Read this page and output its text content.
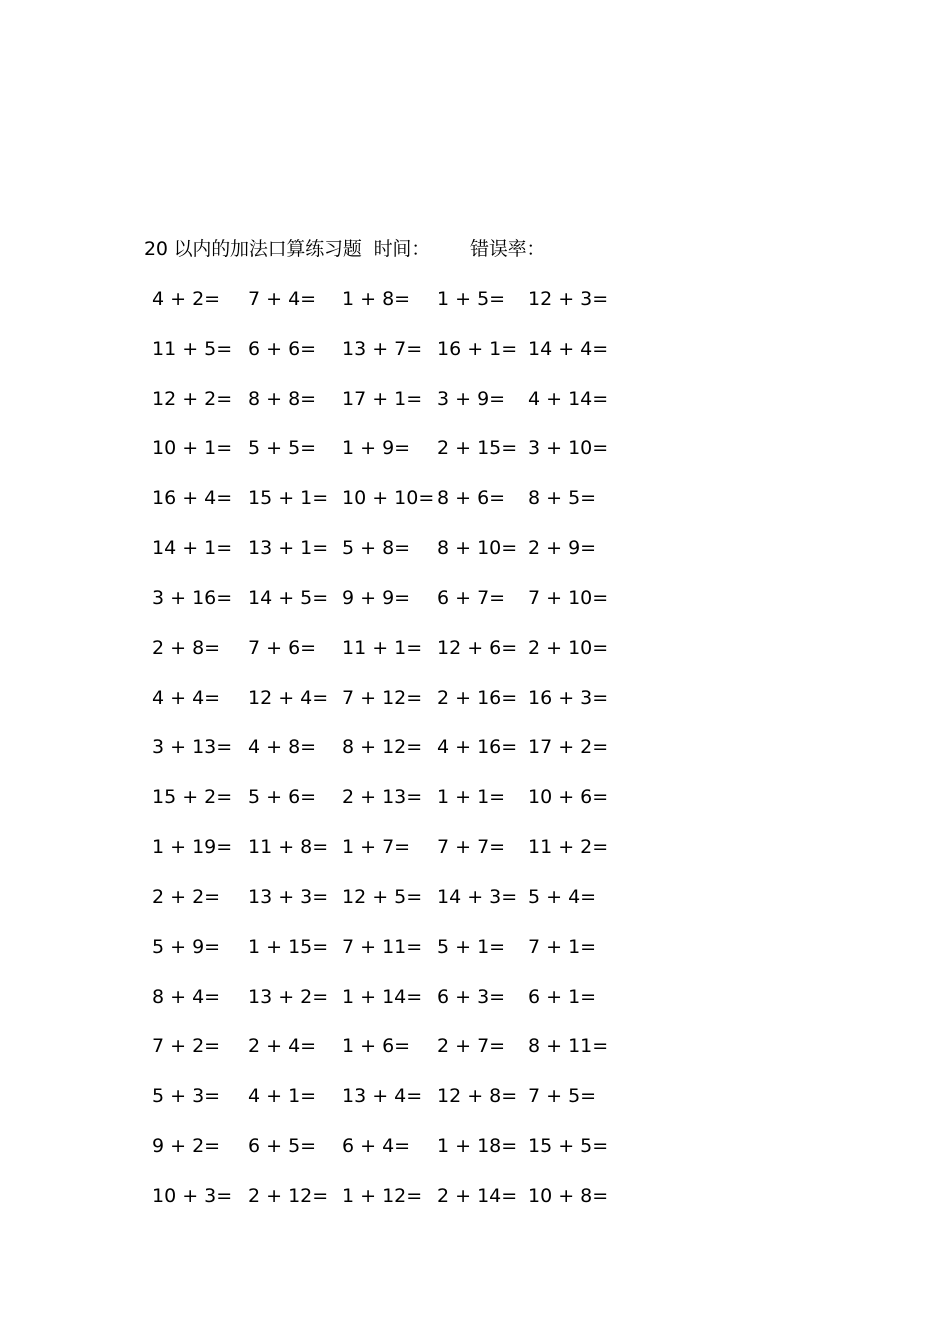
20 以内的加法口算练习题 时间： 错误率：
4 + 2= 7 + 4= 1 + 8= 1 + 5= 12 + 3=
11 + 5= 6 + 6= 13 + 7= 16 + 1= 14 + 4=
12 + 2= 8 + 8= 17 + 1= 3 + 9= 4 + 14=
10 + 1= 5 + 5= 1 + 9= 2 + 15= 3 + 10=
16 + 4= 15 + 1= 10 + 10= 8 + 6= 8 + 5=
14 + 1= 13 + 1= 5 + 8= 8 + 10= 2 + 9=
3 + 16= 14 + 5= 9 + 9= 6 + 7= 7 + 10=
2 + 8= 7 + 6= 11 + 1= 12 + 6= 2 + 10=
4 + 4= 12 + 4= 7 + 12= 2 + 16= 16 + 3=
3 + 13= 4 + 8= 8 + 12= 4 + 16= 17 + 2=
15 + 2= 5 + 6= 2 + 13= 1 + 1= 10 + 6=
1 + 19= 11 + 8= 1 + 7= 7 + 7= 11 + 2=
2 + 2= 13 + 3= 12 + 5= 14 + 3= 5 + 4=
5 + 9= 1 + 15= 7 + 11= 5 + 1= 7 + 1=
8 + 4= 13 + 2= 1 + 14= 6 + 3= 6 + 1=
7 + 2= 2 + 4= 1 + 6= 2 + 7= 8 + 11=
5 + 3= 4 + 1= 13 + 4= 12 + 8= 7 + 5=
9 + 2= 6 + 5= 6 + 4= 1 + 18= 15 + 5=
10 + 3= 2 + 12= 1 + 12= 2 + 14= 10 + 8=
